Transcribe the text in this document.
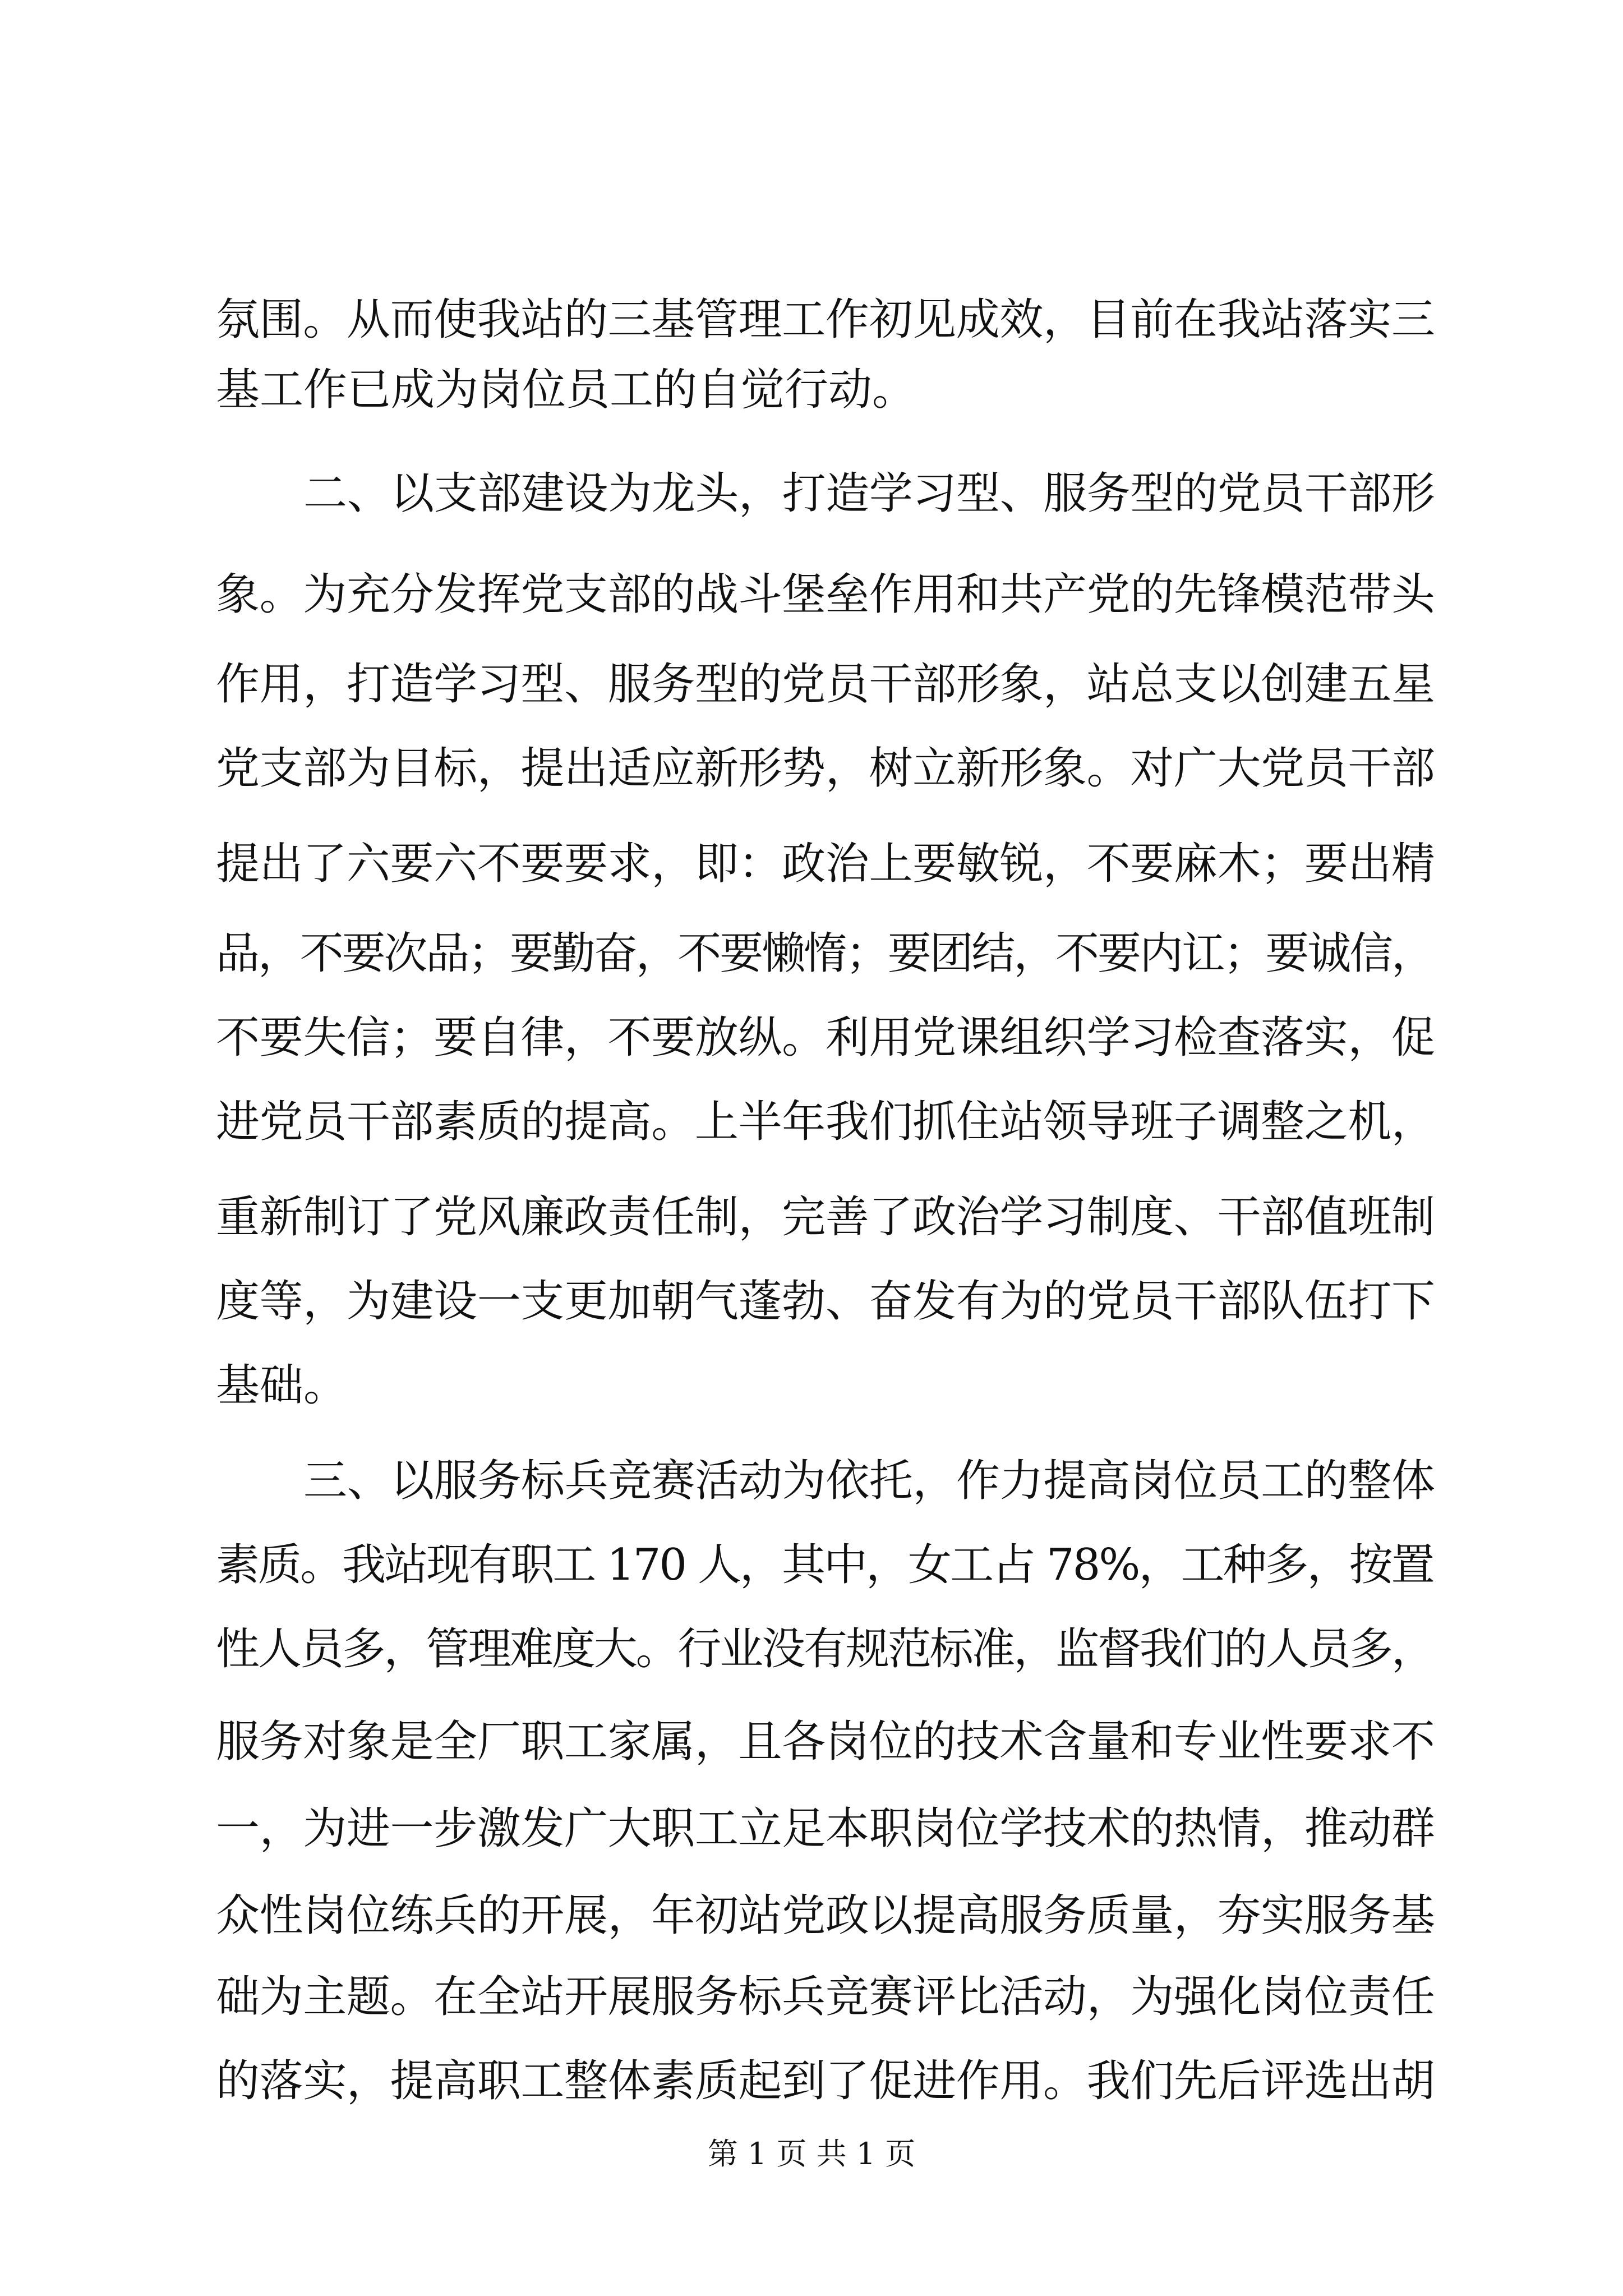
氛围。从而使我站的三基管理工作初见成效，目前在我站落实三

基工作已成为岗位员工的自觉行动。

二、以支部建设为龙头，打造学习型、服务型的党员干部形

象。为充分发挥党支部的战斗堡垒作用和共产党的先锋模范带头

作用，打造学习型、服务型的党员干部形象，站总支以创建五星

党支部为目标，提出适应新形势，树立新形象。对广大党员干部

提出了六要六不要要求，即：政治上要敏锐，不要麻木；要出精

品，不要次品；要勤奋，不要懒惰；要团结，不要内讧；要诚信，

不要失信；要自律，不要放纵。利用党课组织学习检查落实，促

进党员干部素质的提高。上半年我们抓住站领导班子调整之机，

重新制订了党风廉政责任制，完善了政治学习制度、干部值班制

度等，为建设一支更加朝气蓬勃、奋发有为的党员干部队伍打下

基础。

三、以服务标兵竞赛活动为依托，作力提高岗位员工的整体

素质。我站现有职工 170 人，其中，女工占 78%，工种多，按置

性人员多，管理难度大。行业没有规范标准，监督我们的人员多，

服务对象是全厂职工家属，且各岗位的技术含量和专业性要求不

一，为进一步激发广大职工立足本职岗位学技术的热情，推动群

众性岗位练兵的开展，年初站党政以提高服务质量，夯实服务基

础为主题。在全站开展服务标兵竞赛评比活动，为强化岗位责任

的落实，提高职工整体素质起到了促进作用。我们先后评选出胡

第 1 页 共 1 页
